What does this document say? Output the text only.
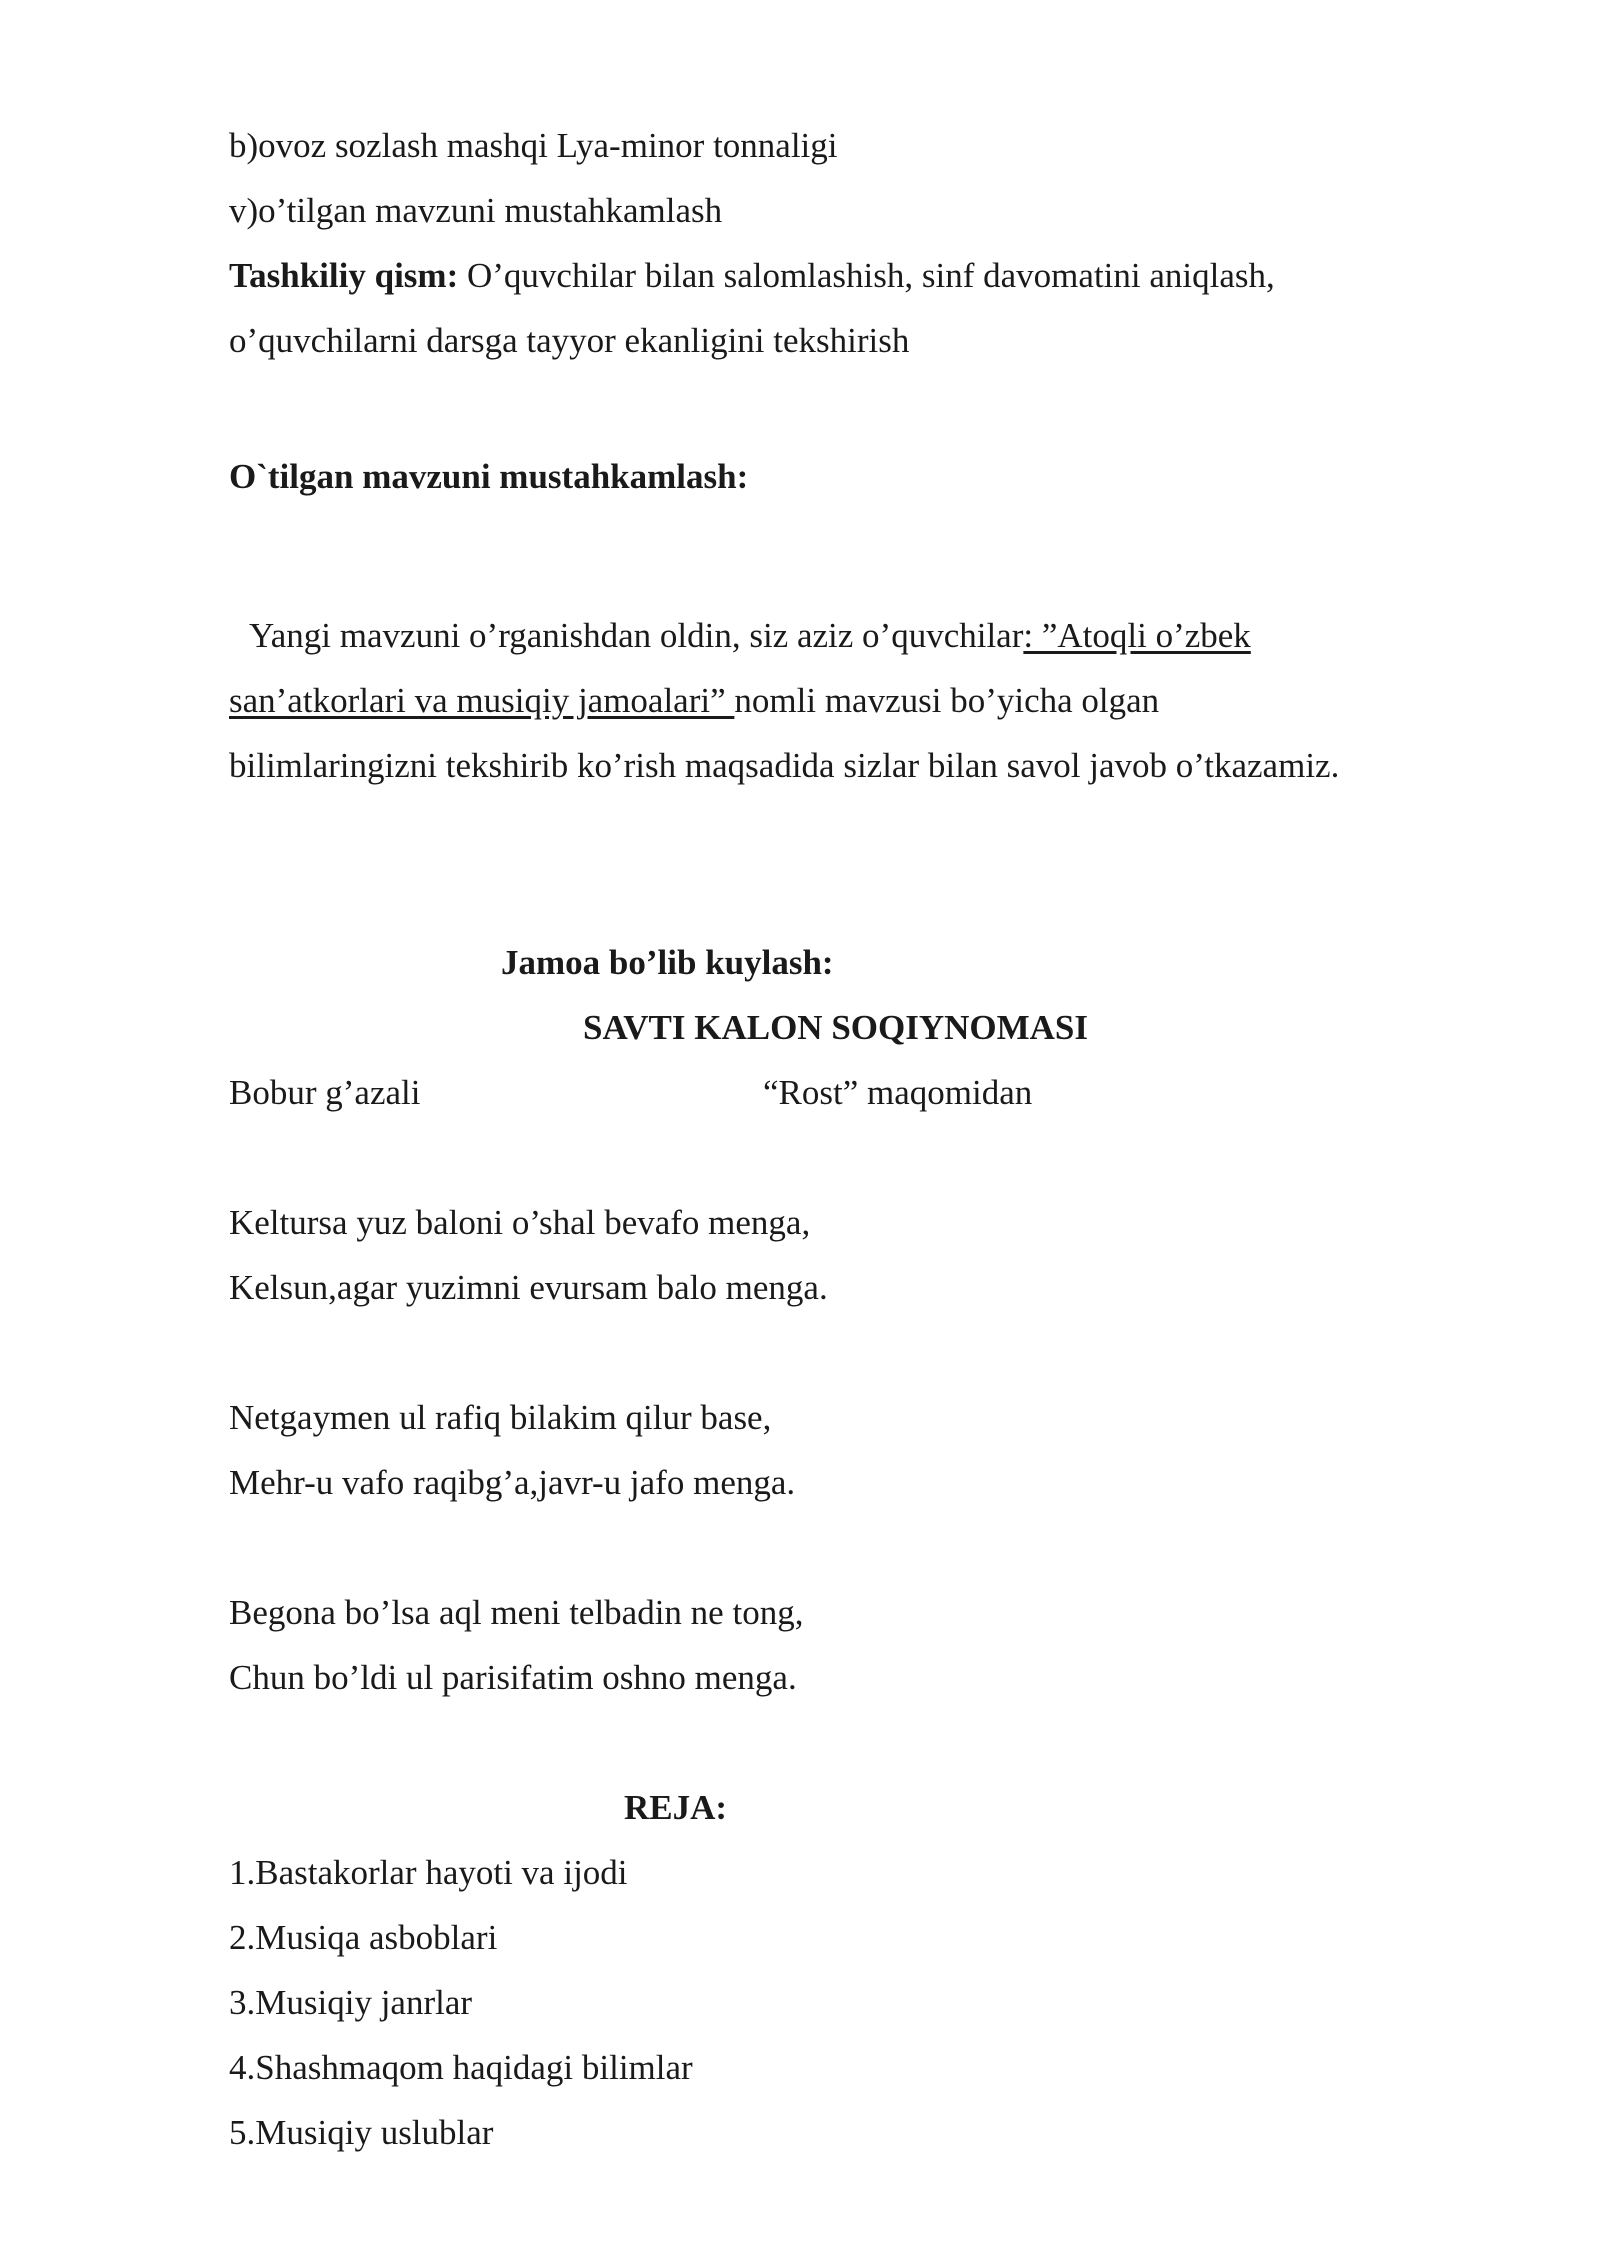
b)ovoz sozlash mashqi Lya-minor tonnaligi
v)o’tilgan mavzuni mustahkamlash
Tashkiliy qism: O’quvchilar bilan salomlashish, sinf davomatini aniqlash,
o’quvchilarni darsga tayyor ekanligini tekshirish
O`tilgan mavzuni mustahkamlash:
Yangi mavzuni o’rganishdan oldin, siz aziz o’quvchilar: ”Atoqli o’zbek
san’atkorlari va musiqiy jamoalari” nomli mavzusi bo’yicha olgan
bilimlaringizni tekshirib ko’rish maqsadida sizlar bilan savol javob o’tkazamiz.
Jamoa bo’lib kuylash:
SAVTI KALON SOQIYNOMASI
Bobur g’azali	“Rost” maqomidan
Keltursa yuz baloni o’shal bevafo menga,
Kelsun,agar yuzimni evursam balo menga.
Netgaymen ul rafiq bilakim qilur base,
Mehr-u vafo raqibg’a,javr-u jafo menga.
Begona bo’lsa aql meni telbadin ne tong,
Chun bo’ldi ul parisifatim oshno menga.
REJA:
1.Bastakorlar hayoti va ijodi
2.Musiqa asboblari
3.Musiqiy janrlar
4.Shashmaqom haqidagi bilimlar
5.Musiqiy uslublar
